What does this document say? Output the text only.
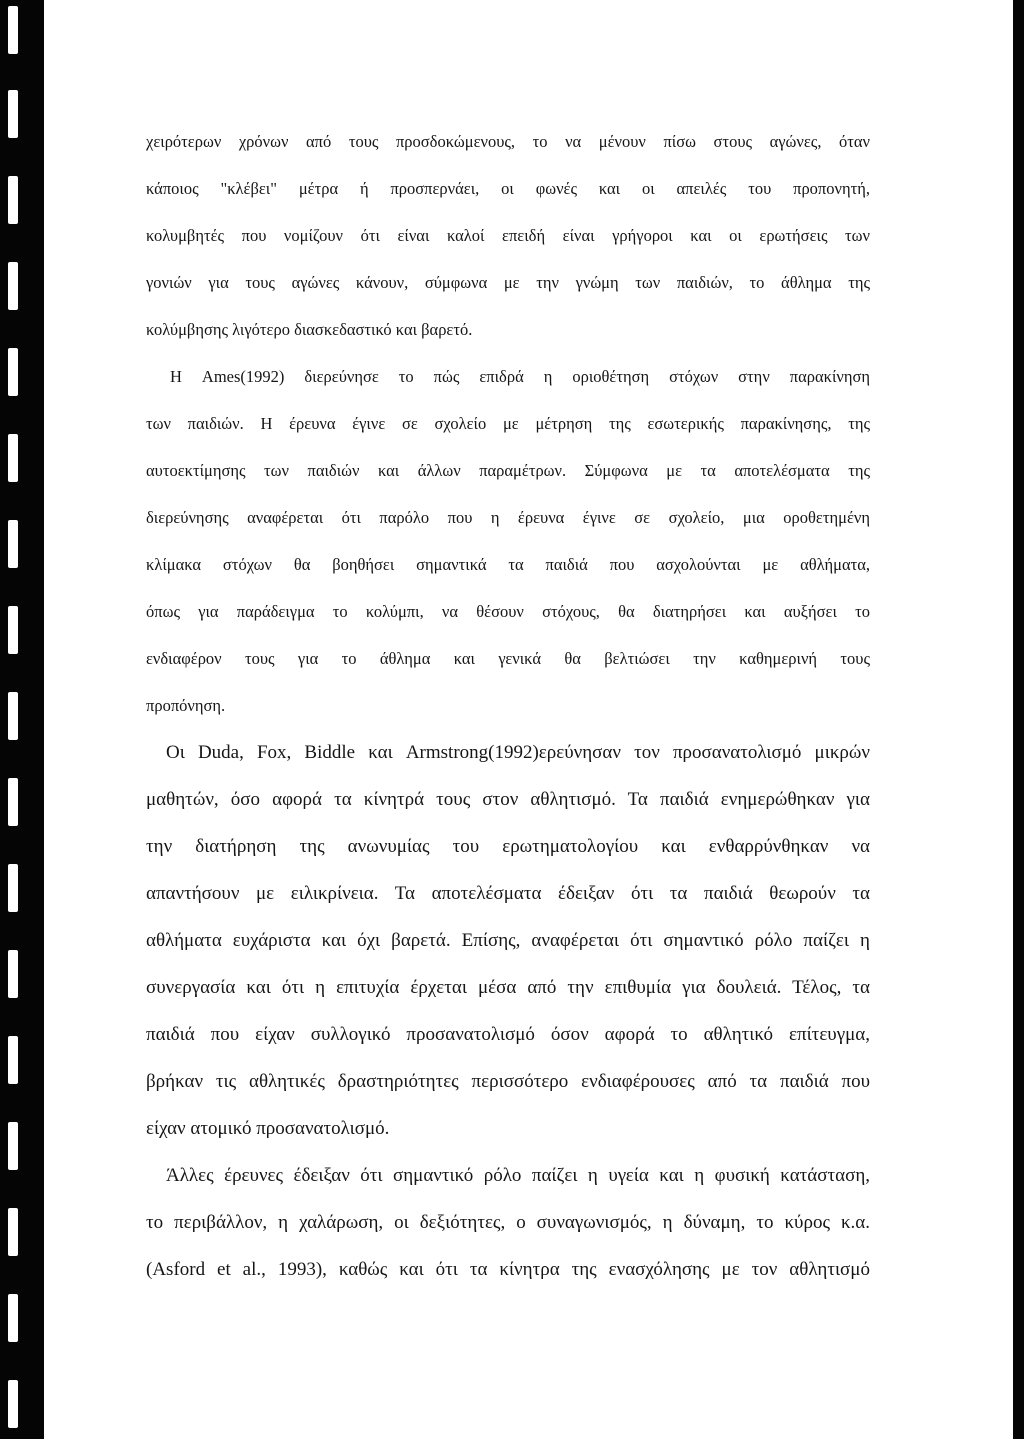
χειρότερων χρόνων από τους προσδοκώμενους, το να μένουν πίσω στους αγώνες, όταν
κάποιος "κλέβει" μέτρα ή προσπερνάει, οι φωνές και οι απειλές του προπονητή,
κολυμβητές που νομίζουν ότι είναι καλοί επειδή είναι γρήγοροι και οι ερωτήσεις των
γονιών για τους αγώνες κάνουν, σύμφωνα με την γνώμη των παιδιών, το άθλημα της
κολύμβησης λιγότερο διασκεδαστικό και βαρετό.
Η Ames(1992) διερεύνησε το πώς επιδρά η οριοθέτηση στόχων στην παρακίνηση
των παιδιών. Η έρευνα έγινε σε σχολείο με μέτρηση της εσωτερικής παρακίνησης, της
αυτοεκτίμησης των παιδιών και άλλων παραμέτρων. Σύμφωνα με τα αποτελέσματα της
διερεύνησης αναφέρεται ότι παρόλο που η έρευνα έγινε σε σχολείο, μια οροθετημένη
κλίμακα στόχων θα βοηθήσει σημαντικά τα παιδιά που ασχολούνται με αθλήματα,
όπως για παράδειγμα το κολύμπι, να θέσουν στόχους, θα διατηρήσει και αυξήσει το
ενδιαφέρον τους για το άθλημα και γενικά θα βελτιώσει την καθημερινή τους
προπόνηση.
Οι Duda, Fox, Biddle και Armstrong(1992)ερεύνησαν τον προσανατολισμό μικρών
μαθητών, όσο αφορά τα κίνητρά τους στον αθλητισμό. Τα παιδιά ενημερώθηκαν για
την διατήρηση της ανωνυμίας του ερωτηματολογίου και ενθαρρύνθηκαν να
απαντήσουν με ειλικρίνεια. Τα αποτελέσματα έδειξαν ότι τα παιδιά θεωρούν τα
αθλήματα ευχάριστα και όχι βαρετά. Επίσης, αναφέρεται ότι σημαντικό ρόλο παίζει η
συνεργασία και ότι η επιτυχία έρχεται μέσα από την επιθυμία για δουλειά. Τέλος, τα
παιδιά που είχαν συλλογικό προσανατολισμό όσον αφορά το αθλητικό επίτευγμα,
βρήκαν τις αθλητικές δραστηριότητες περισσότερο ενδιαφέρουσες από τα παιδιά που
είχαν ατομικό προσανατολισμό.
Άλλες έρευνες έδειξαν ότι σημαντικό ρόλο παίζει η υγεία και η φυσική κατάσταση,
το περιβάλλον, η χαλάρωση, οι δεξιότητες, ο συναγωνισμός, η δύναμη, το κύρος κ.α.
(Asford et al., 1993), καθώς και ότι τα κίνητρα της ενασχόλησης με τον αθλητισμό
